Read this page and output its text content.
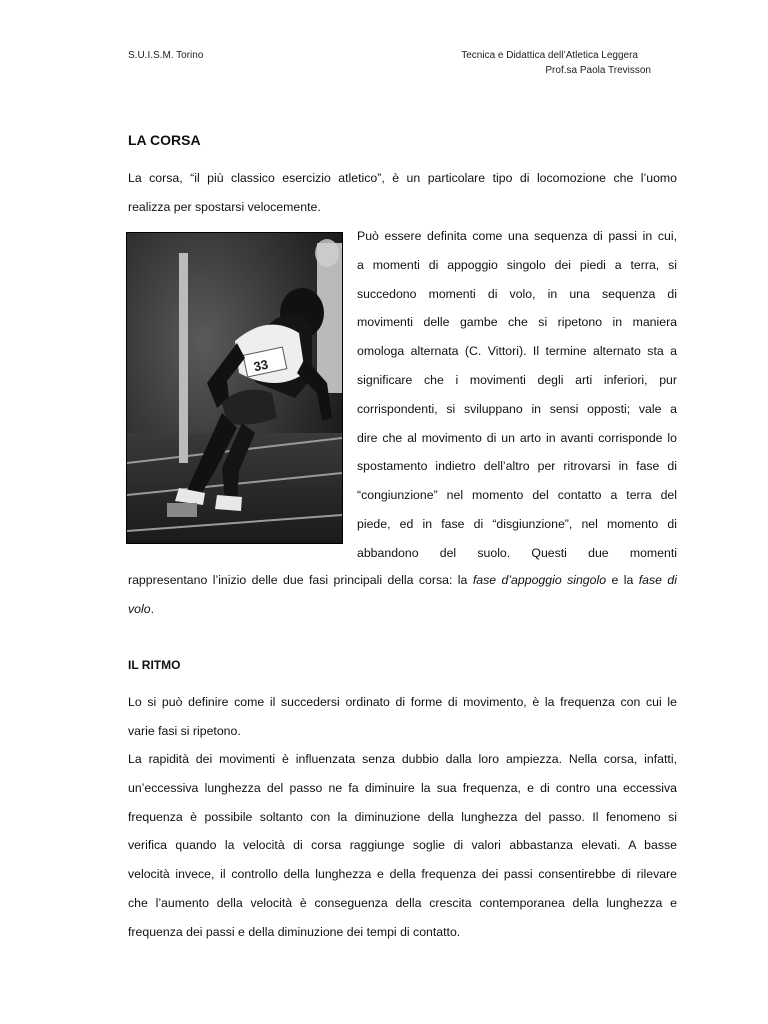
S.U.I.S.M. Torino	Tecnica e Didattica dell’Atletica Leggera
Prof.sa Paola Trevisson
LA CORSA
La corsa, “il più classico esercizio atletico”, è un particolare tipo di locomozione che l’uomo
realizza per spostarsi velocemente.
33
Può essere definita come una sequenza di passi in cui,
a momenti di appoggio singolo dei piedi a terra, si
succedono momenti di volo, in una sequenza di
movimenti delle gambe che si ripetono in maniera
omologa alternata (C. Vittori). Il termine alternato sta a
significare che i movimenti degli arti inferiori, pur
corrispondenti, si sviluppano in sensi opposti; vale a
dire che al movimento di un arto in avanti corrisponde lo
spostamento indietro dell’altro per ritrovarsi in fase di
“congiunzione” nel momento del contatto a terra del
piede, ed in fase di “disgiunzione”, nel momento di
abbandono del suolo. Questi due momenti
rappresentano l’inizio delle due fasi principali della corsa: la fase d’appoggio singolo e la fase di
volo.
IL RITMO
Lo si può definire come il succedersi ordinato di forme di movimento, è la frequenza con cui le
varie fasi si ripetono.
La rapidità dei movimenti è influenzata senza dubbio dalla loro ampiezza. Nella corsa, infatti,
un’eccessiva lunghezza del passo ne fa diminuire la sua frequenza, e di contro una eccessiva
frequenza è possibile soltanto con la diminuzione della lunghezza del passo. Il fenomeno si
verifica quando la velocità di corsa raggiunge soglie di valori abbastanza elevati. A basse
velocità invece, il controllo della lunghezza e della frequenza dei passi consentirebbe di rilevare
che l’aumento della velocità è conseguenza della crescita contemporanea della lunghezza e
frequenza dei passi e della diminuzione dei tempi di contatto.
